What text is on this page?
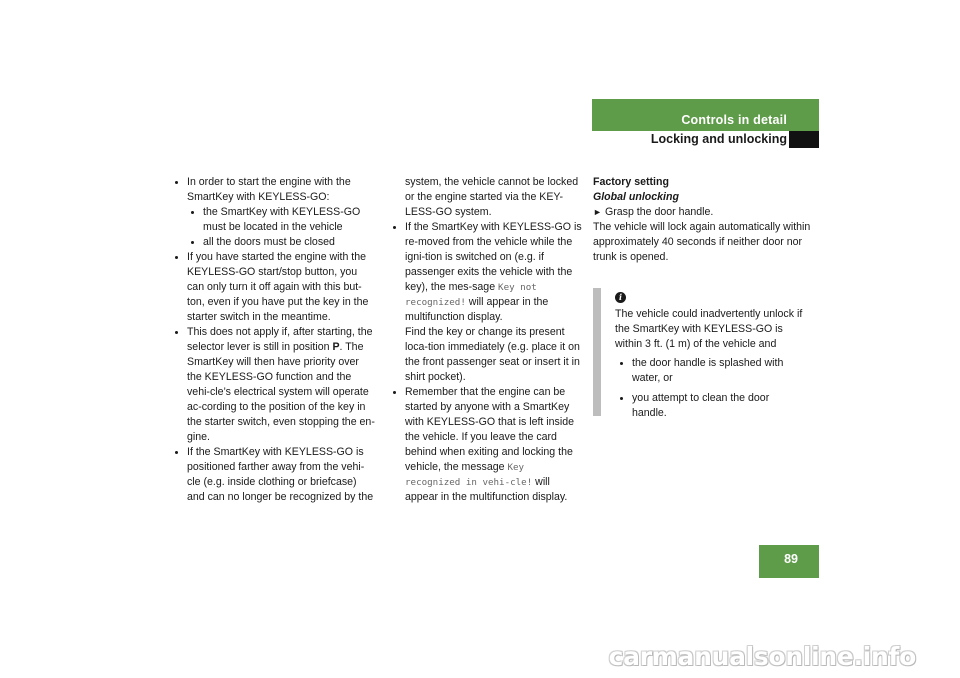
Controls in detail
Locking and unlocking

In order to start the engine with the SmartKey with KEYLESS-GO:

the SmartKey with KEYLESS-GO must be located in the vehicle

all the doors must be closed

If you have started the engine with the KEYLESS-GO start/stop button, you can only turn it off again with this but-ton, even if you have put the key in the starter switch in the meantime.

This does not apply if, after starting, the selector lever is still in position P. The SmartKey will then have priority over the KEYLESS-GO function and the vehi-cle’s electrical system will operate ac-cording to the position of the key in the starter switch, even stopping the en-gine.

If the SmartKey with KEYLESS-GO is positioned farther away from the vehi-cle (e.g. inside clothing or briefcase) and can no longer be recognized by the

system, the vehicle cannot be locked or the engine started via the KEY-LESS-GO system.

If the SmartKey with KEYLESS-GO is re-moved from the vehicle while the igni-tion is switched on (e.g. if passenger exits the vehicle with the key), the mes-sage Key not recognized! will appear in the multifunction display.

Find the key or change its present loca-tion immediately (e.g. place it on the front passenger seat or insert it in shirt pocket).

Remember that the engine can be started by anyone with a SmartKey with KEYLESS-GO that is left inside the vehicle. If you leave the card behind when exiting and locking the vehicle, the message Key recognized in vehi-cle! will appear in the multifunction display.

Factory setting

Global unlocking

► Grasp the door handle.

The vehicle will lock again automatically within approximately 40 seconds if neither door nor trunk is opened.

i

The vehicle could inadvertently unlock if the SmartKey with KEYLESS-GO is within 3 ft. (1 m) of the vehicle and

the door handle is splashed with water, or

you attempt to clean the door handle.

89
carmanualsonline.info
